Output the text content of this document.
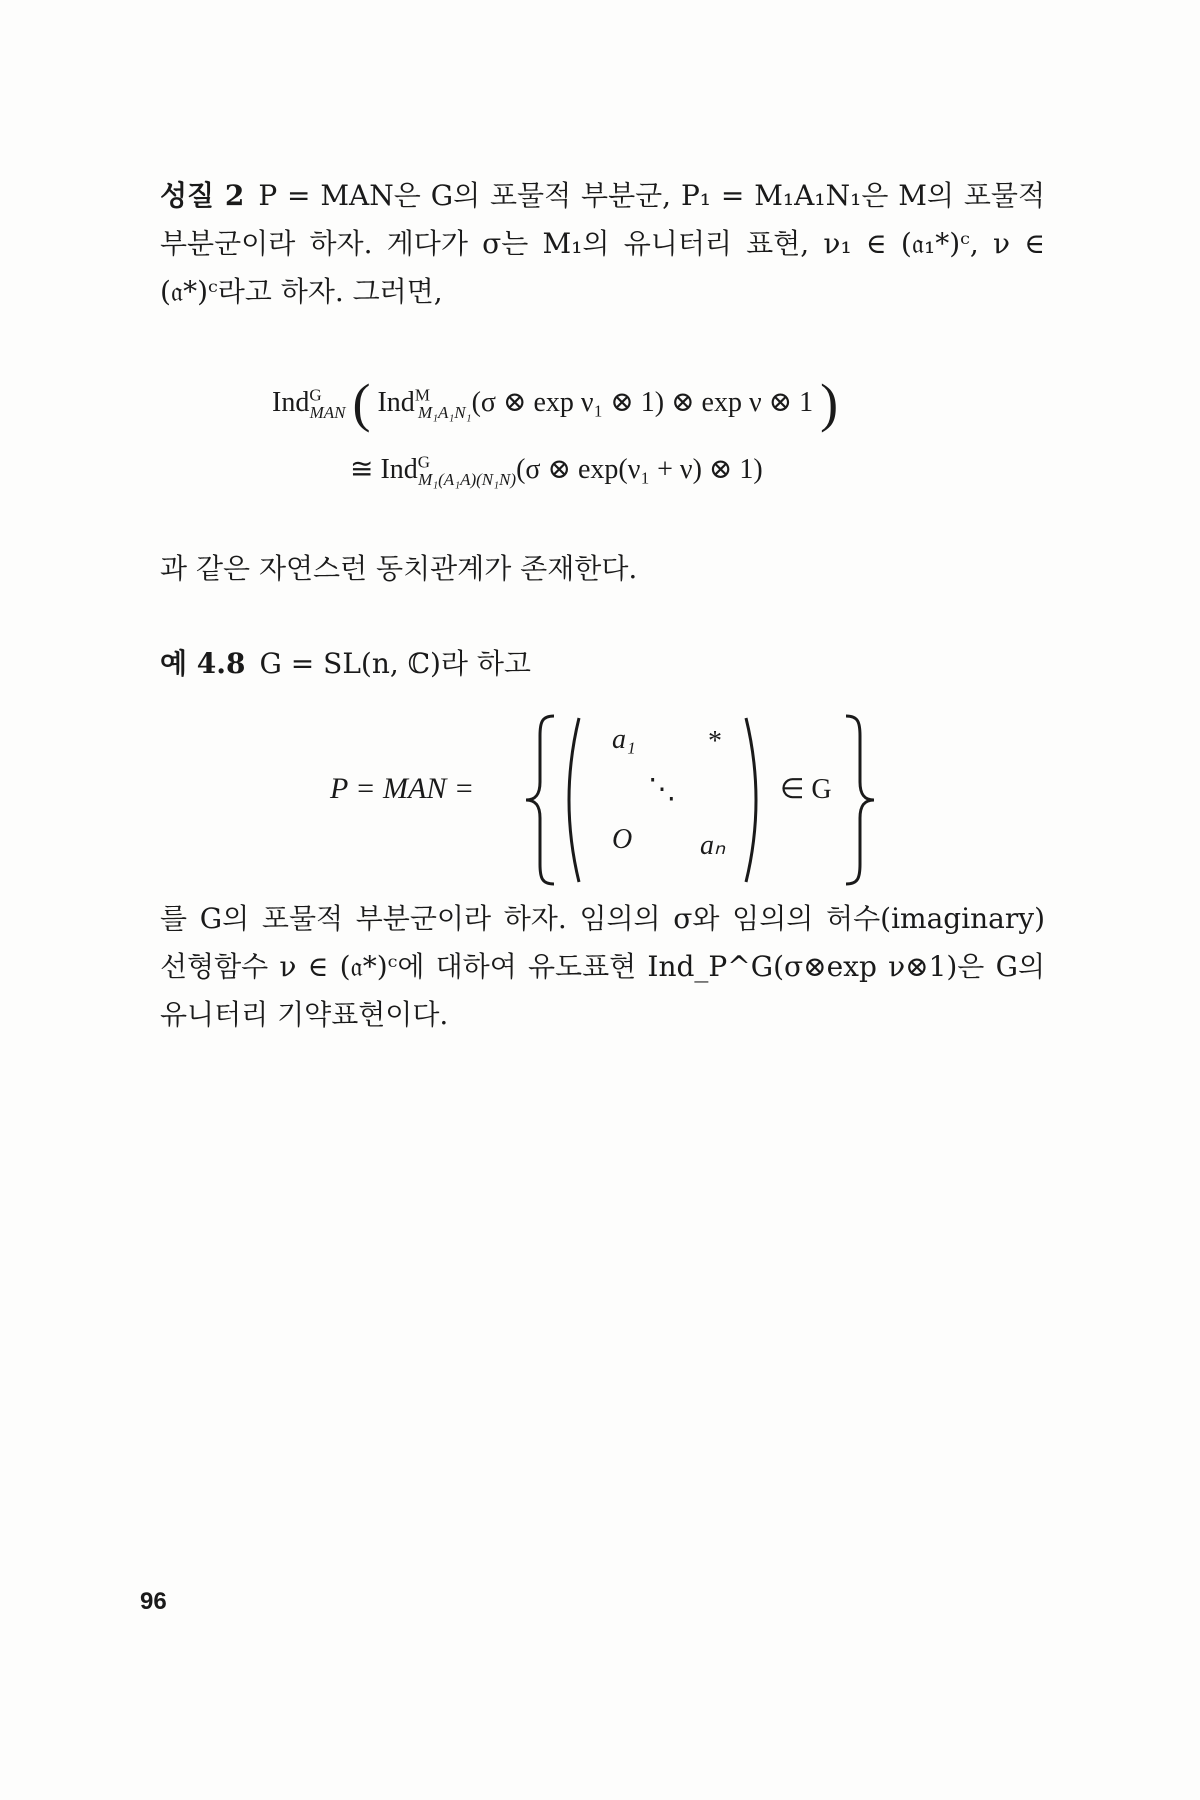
성질 2 P = MAN은 G의 포물적 부분군, P₁ = M₁A₁N₁은 M의 포물적 부분군이라 하자. 게다가 σ는 M₁의 유니터리 표현, ν₁ ∈ (𝔞₁*)ᶜ, ν ∈ (𝔞*)ᶜ라고 하자. 그러면,
Ind$^G_{MAN}$ ( Ind$^M_{M_1A_1N_1}$(σ ⊗ exp ν₁ ⊗ 1) ⊗ exp ν ⊗ 1 )
≅ Ind$^G_{M_1(A_1A)(N_1N)}$(σ ⊗ exp(ν₁ + ν) ⊗ 1)
과 같은 자연스런 동치관계가 존재한다.
예 4.8 G = SL(n, ℂ)라 하고
P = MAN =
a₁	*
⋱
O aₙ
∈ G
를 G의 포물적 부분군이라 하자. 임의의 σ와 임의의 허수(imaginary) 선형함수 ν ∈ (𝔞*)ᶜ에 대하여 유도표현 Ind_P^G(σ⊗exp ν⊗1)은 G의 유니터리 기약표현이다.
96
